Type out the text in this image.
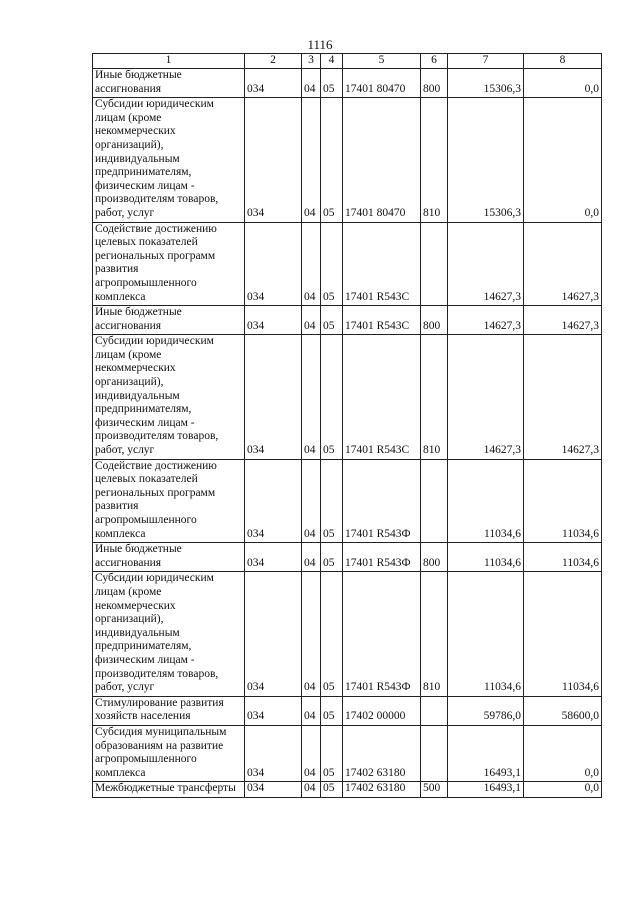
1116
1	2	3	4	5	6	7	8
Иные бюджетные ассигнования	034	04	05	17401 80470	800	15306,3	0,0
Субсидии юридическим лицам (кроме некоммерческих организаций), индивидуальным предпринимателям, физическим лицам - производителям товаров, работ, услуг	034	04	05	17401 80470	810	15306,3	0,0
Содействие достижению целевых показателей региональных программ развития агропромышленного комплекса	034	04	05	17401 R543C		14627,3	14627,3
Иные бюджетные ассигнования	034	04	05	17401 R543C	800	14627,3	14627,3
Субсидии юридическим лицам (кроме некоммерческих организаций), индивидуальным предпринимателям, физическим лицам - производителям товаров, работ, услуг	034	04	05	17401 R543C	810	14627,3	14627,3
Содействие достижению целевых показателей региональных программ развития агропромышленного комплекса	034	04	05	17401 R543Ф		11034,6	11034,6
Иные бюджетные ассигнования	034	04	05	17401 R543Ф	800	11034,6	11034,6
Субсидии юридическим лицам (кроме некоммерческих организаций), индивидуальным предпринимателям, физическим лицам - производителям товаров, работ, услуг	034	04	05	17401 R543Ф	810	11034,6	11034,6
Стимулирование развития хозяйств населения	034	04	05	17402 00000		59786,0	58600,0
Субсидия муниципальным образованиям на развитие агропромышленного комплекса	034	04	05	17402 63180		16493,1	0,0
Межбюджетные трансферты	034	04	05	17402 63180	500	16493,1	0,0
